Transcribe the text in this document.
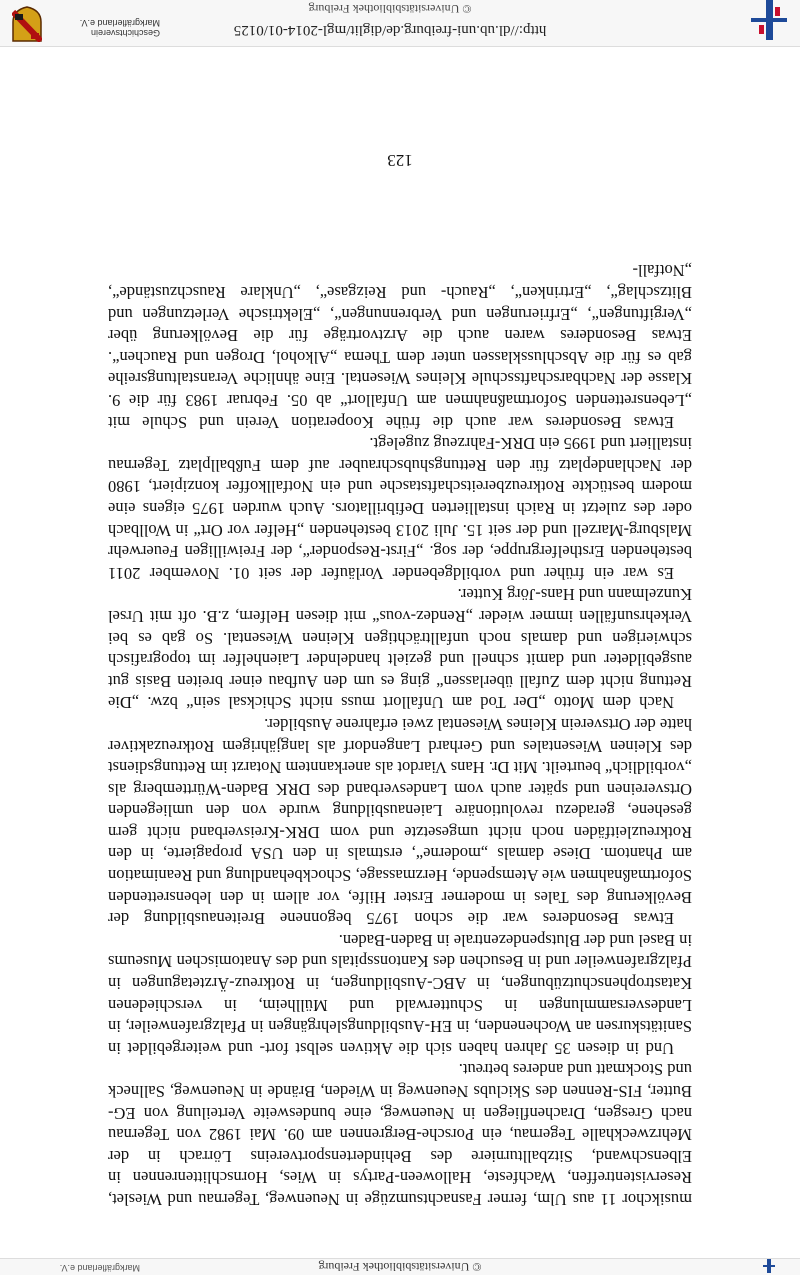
© Universitätsbibliothek Freiburg
http://dl.ub.uni-freiburg.de/diglit/mgl-2014-01/0125
Geschichtsverein
Markgräflerland e.V.
123

musikchor 11 aus Ulm, ferner Fasnachtsumzüge in Neuenweg, Tegernau und Wieslet, Reservistentreffen, Wachfeste, Halloween-Partys in Wies, Hornschlittenrennen in Elbenschwand, Sitzballturniere des Behindertensportvereins Lörrach in der Mehrzweckhalle Tegernau, ein Porsche-Bergrennen am 09. Mai 1982 von Tegernau nach Gresgen, Drachenfliegen in Neuenweg, eine bundesweite Verteilung von EG-Butter, FIS-Rennen des Skiclubs Neuenweg in Wieden, Brände in Neuenweg, Sallneck und Stockmatt und anderes betreut.

Und in diesen 35 Jahren haben sich die Aktiven selbst fort- und weitergebildet in Sanitätskursen an Wochenenden, in EH-Ausbildungslehrgängen in Pfalzgrafenweiler, in Landesversammlungen in Schutterwald und Müllheim, in verschiedenen Katastrophenschutzübungen, in ABC-Ausbildungen, in Rotkreuz-Ärztetagungen in Pfalzgrafenweiler und in Besuchen des Kantonsspitals und des Anatomischen Museums in Basel und der Blutspendezentrale in Baden-Baden.

Etwas Besonderes war die schon 1975 begonnene Breitenausbildung der Bevölkerung des Tales in moderner Erster Hilfe, vor allem in den lebensrettenden Sofortmaßnahmen wie Atemspende, Herzmassage, Schockbehandlung und Reanimation am Phantom. Diese damals „moderne“, erstmals in den USA propagierte, in den Rotkreuzleitfäden noch nicht umgesetzte und vom DRK-Kreisverband nicht gern gesehene, geradezu revolutionäre Laienausbildung wurde von den umliegenden Ortsvereinen und später auch vom Landesverband des DRK Baden-Württemberg als „vorbildlich“ beurteilt. Mit Dr. Hans Viardot als anerkanntem Notarzt im Rettungsdienst des Kleinen Wiesentales und Gerhard Langendorf als langjährigem Rotkreuzaktiver hatte der Ortsverein Kleines Wiesental zwei erfahrene Ausbilder.

Nach dem Motto „Der Tod am Unfallort muss nicht Schicksal sein“ bzw. „Die Rettung nicht dem Zufall überlassen“ ging es um den Aufbau einer breiten Basis gut ausgebildeter und damit schnell und gezielt handelnder Laienhelfer im topografisch schwierigen und damals noch unfallträchtigen Kleinen Wiesental. So gab es bei Verkehrsunfällen immer wieder „Rendez-vous“ mit diesen Helfern, z.B. oft mit Ursel Kunzelmann und Hans-Jörg Kutter.

Es war ein früher und vorbildgebender Vorläufer der seit 01. November 2011 bestehenden Ersthelfergruppe, der sog. „First-Responder“, der Freiwilligen Feuerwehr Malsburg-Marzell und der seit 15. Juli 2013 bestehenden „Helfer vor Ort“ in Wollbach oder des zuletzt in Raich installierten Defibrillators. Auch wurden 1975 eigens eine modern bestückte Rotkreuzbereitschaftstasche und ein Notfallkoffer konzipiert, 1980 der Nachlandeplatz für den Rettungshubschrauber auf dem Fußballplatz Tegernau installiert und 1995 ein DRK-Fahrzeug zugelegt.

Etwas Besonderes war auch die frühe Kooperation Verein und Schule mit „Lebensrettenden Sofortmaßnahmen am Unfallort“ ab 05. Februar 1983 für die 9. Klasse der Nachbarschaftsschule Kleines Wiesental. Eine ähnliche Veranstaltungsreihe gab es für die Abschlussklassen unter dem Thema „Alkohol, Drogen und Rauchen“. Etwas Besonderes waren auch die Arztvorträge für die Bevölkerung über „Vergiftungen“, „Erfrierungen und Verbrennungen“, „Elektrische Verletzungen und Blitzschlag“, „Ertrinken“, „Rauch- und Reizgase“, „Unklare Rauschzustände“, „Notfall-

© Universitätsbibliothek Freiburg
Markgräflerland e.V.
